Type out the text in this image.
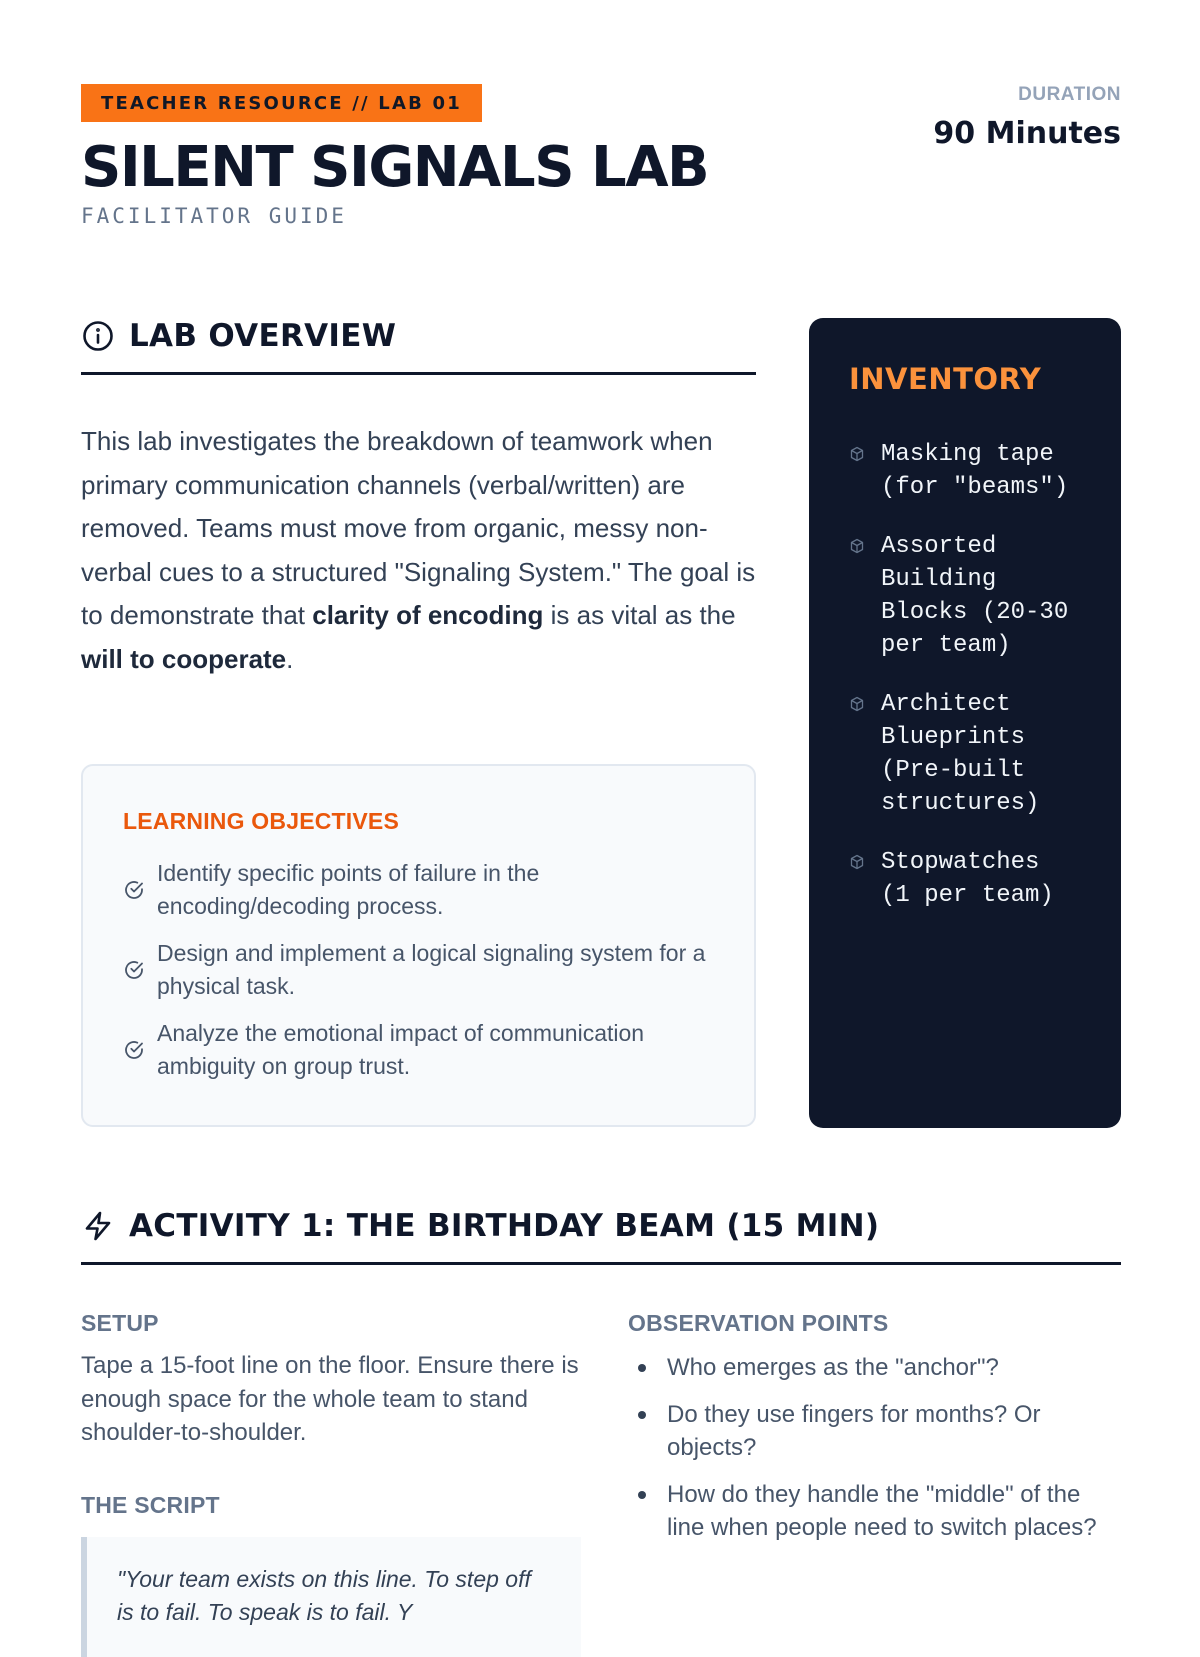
TEACHER RESOURCE // LAB 01
SILENT SIGNALS LAB
FACILITATOR GUIDE
DURATION
90 Minutes
LAB OVERVIEW
This lab investigates the breakdown of teamwork when primary communication channels (verbal/written) are removed. Teams must move from organic, messy non-verbal cues to a structured "Signaling System." The goal is to demonstrate that clarity of encoding is as vital as the will to cooperate.
LEARNING OBJECTIVES
Identify specific points of failure in the encoding/decoding process.
Design and implement a logical signaling system for a physical task.
Analyze the emotional impact of communication ambiguity on group trust.
INVENTORY
Masking tape (for "beams")
Assorted Building Blocks (20-30 per team)
Architect Blueprints (Pre-built structures)
Stopwatches (1 per team)
ACTIVITY 1: THE BIRTHDAY BEAM (15 MIN)
SETUP
Tape a 15-foot line on the floor. Ensure there is enough space for the whole team to stand shoulder-to-shoulder.
THE SCRIPT
"Your team exists on this line. To step off is to fail. To speak is to fail. Y
OBSERVATION POINTS
Who emerges as the "anchor"?
Do they use fingers for months? Or objects?
How do they handle the "middle" of the line when people need to switch places?
